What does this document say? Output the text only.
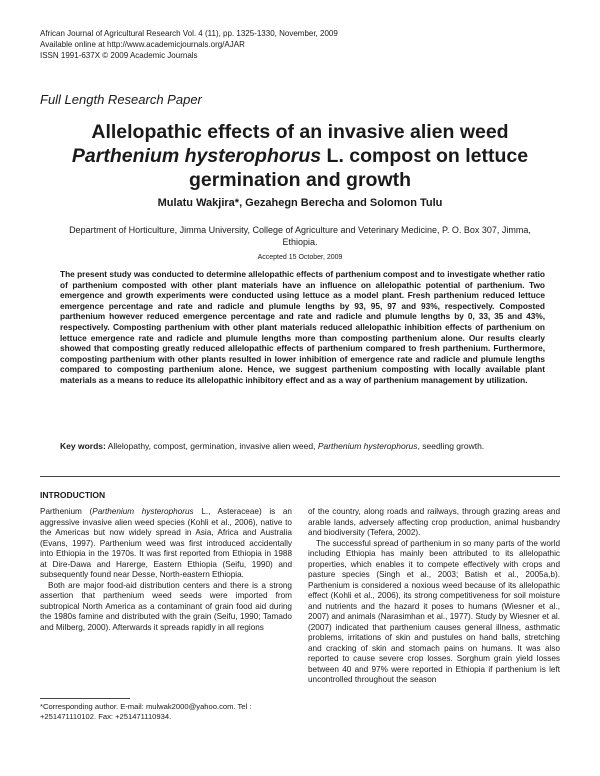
African Journal of Agricultural Research Vol. 4 (11), pp. 1325-1330, November, 2009
Available online at http://www.academicjournals.org/AJAR
ISSN 1991-637X © 2009 Academic Journals
Full Length Research Paper
Allelopathic effects of an invasive alien weed
Parthenium hysterophorus L. compost on lettuce
germination and growth
Mulatu Wakjira*, Gezahegn Berecha and Solomon Tulu
Department of Horticulture, Jimma University, College of Agriculture and Veterinary Medicine, P. O. Box 307, Jimma, Ethiopia.
Accepted 15 October, 2009

The present study was conducted to determine allelopathic effects of parthenium compost and to investigate whether ratio of parthenium composted with other plant materials have an influence on allelopathic potential of parthenium. Two emergence and growth experiments were conducted using lettuce as a model plant. Fresh parthenium reduced lettuce emergence percentage and rate and radicle and plumule lengths by 93, 95, 97 and 93%, respectively. Composted parthenium however reduced emergence percentage and rate and radicle and plumule lengths by 0, 33, 35 and 43%, respectively. Composting parthenium with other plant materials reduced allelopathic inhibition effects of parthenium on lettuce emergence rate and radicle and plumule lengths more than composting parthenium alone. Our results clearly showed that composting greatly reduced allelopathic effects of parthenium compared to fresh parthenium. Furthermore, composting parthenium with other plants resulted in lower inhibition of emergence rate and radicle and plumule lengths compared to composting parthenium alone. Hence, we suggest parthenium composting with locally available plant materials as a means to reduce its allelopathic inhibitory effect and as a way of parthenium management by utilization.

Key words: Allelopathy, compost, germination, invasive alien weed, Parthenium hysterophorus, seedling growth.

INTRODUCTION

Parthenium (Parthenium hysterophorus L., Asteraceae) is an aggressive invasive alien weed species (Kohli et al., 2006), native to the Americas but now widely spread in Asia, Africa and Australia (Evans, 1997). Parthenium weed was first introduced accidentally into Ethiopia in the 1970s. It was first reported from Ethiopia in 1988 at Dire-Dawa and Harerge, Eastern Ethiopia (Seifu, 1990) and subsequently found near Desse, North-eastern Ethiopia.

Both are major food-aid distribution centers and there is a strong assertion that parthenium weed seeds were imported from subtropical North America as a contaminant of grain food aid during the 1980s famine and distributed with the grain (Seifu, 1990; Tamado and Milberg, 2000). Afterwards it spreads rapidly in all regions

of the country, along roads and railways, through grazing areas and arable lands, adversely affecting crop production, animal husbandry and biodiversity (Tefera, 2002).

The successful spread of parthenium in so many parts of the world including Ethiopia has mainly been attributed to its allelopathic properties, which enables it to compete effectively with crops and pasture species (Singh et al., 2003; Batish et al., 2005a,b). Parthenium is considered a noxious weed because of its allelopathic effect (Kohli et al., 2006), its strong competitiveness for soil moisture and nutrients and the hazard it poses to humans (Wiesner et al., 2007) and animals (Narasimhan et al., 1977). Study by Wiesner et al. (2007) indicated that parthenium causes general illness, asthmatic problems, irritations of skin and pustules on hand balls, stretching and cracking of skin and stomach pains on humans. It was also reported to cause severe crop losses. Sorghum grain yield losses between 40 and 97% were reported in Ethiopia if parthenium is left uncontrolled throughout the season

*Corresponding author. E-mail: mulwak2000@yahoo.com. Tel : +251471110102. Fax: +251471110934.
